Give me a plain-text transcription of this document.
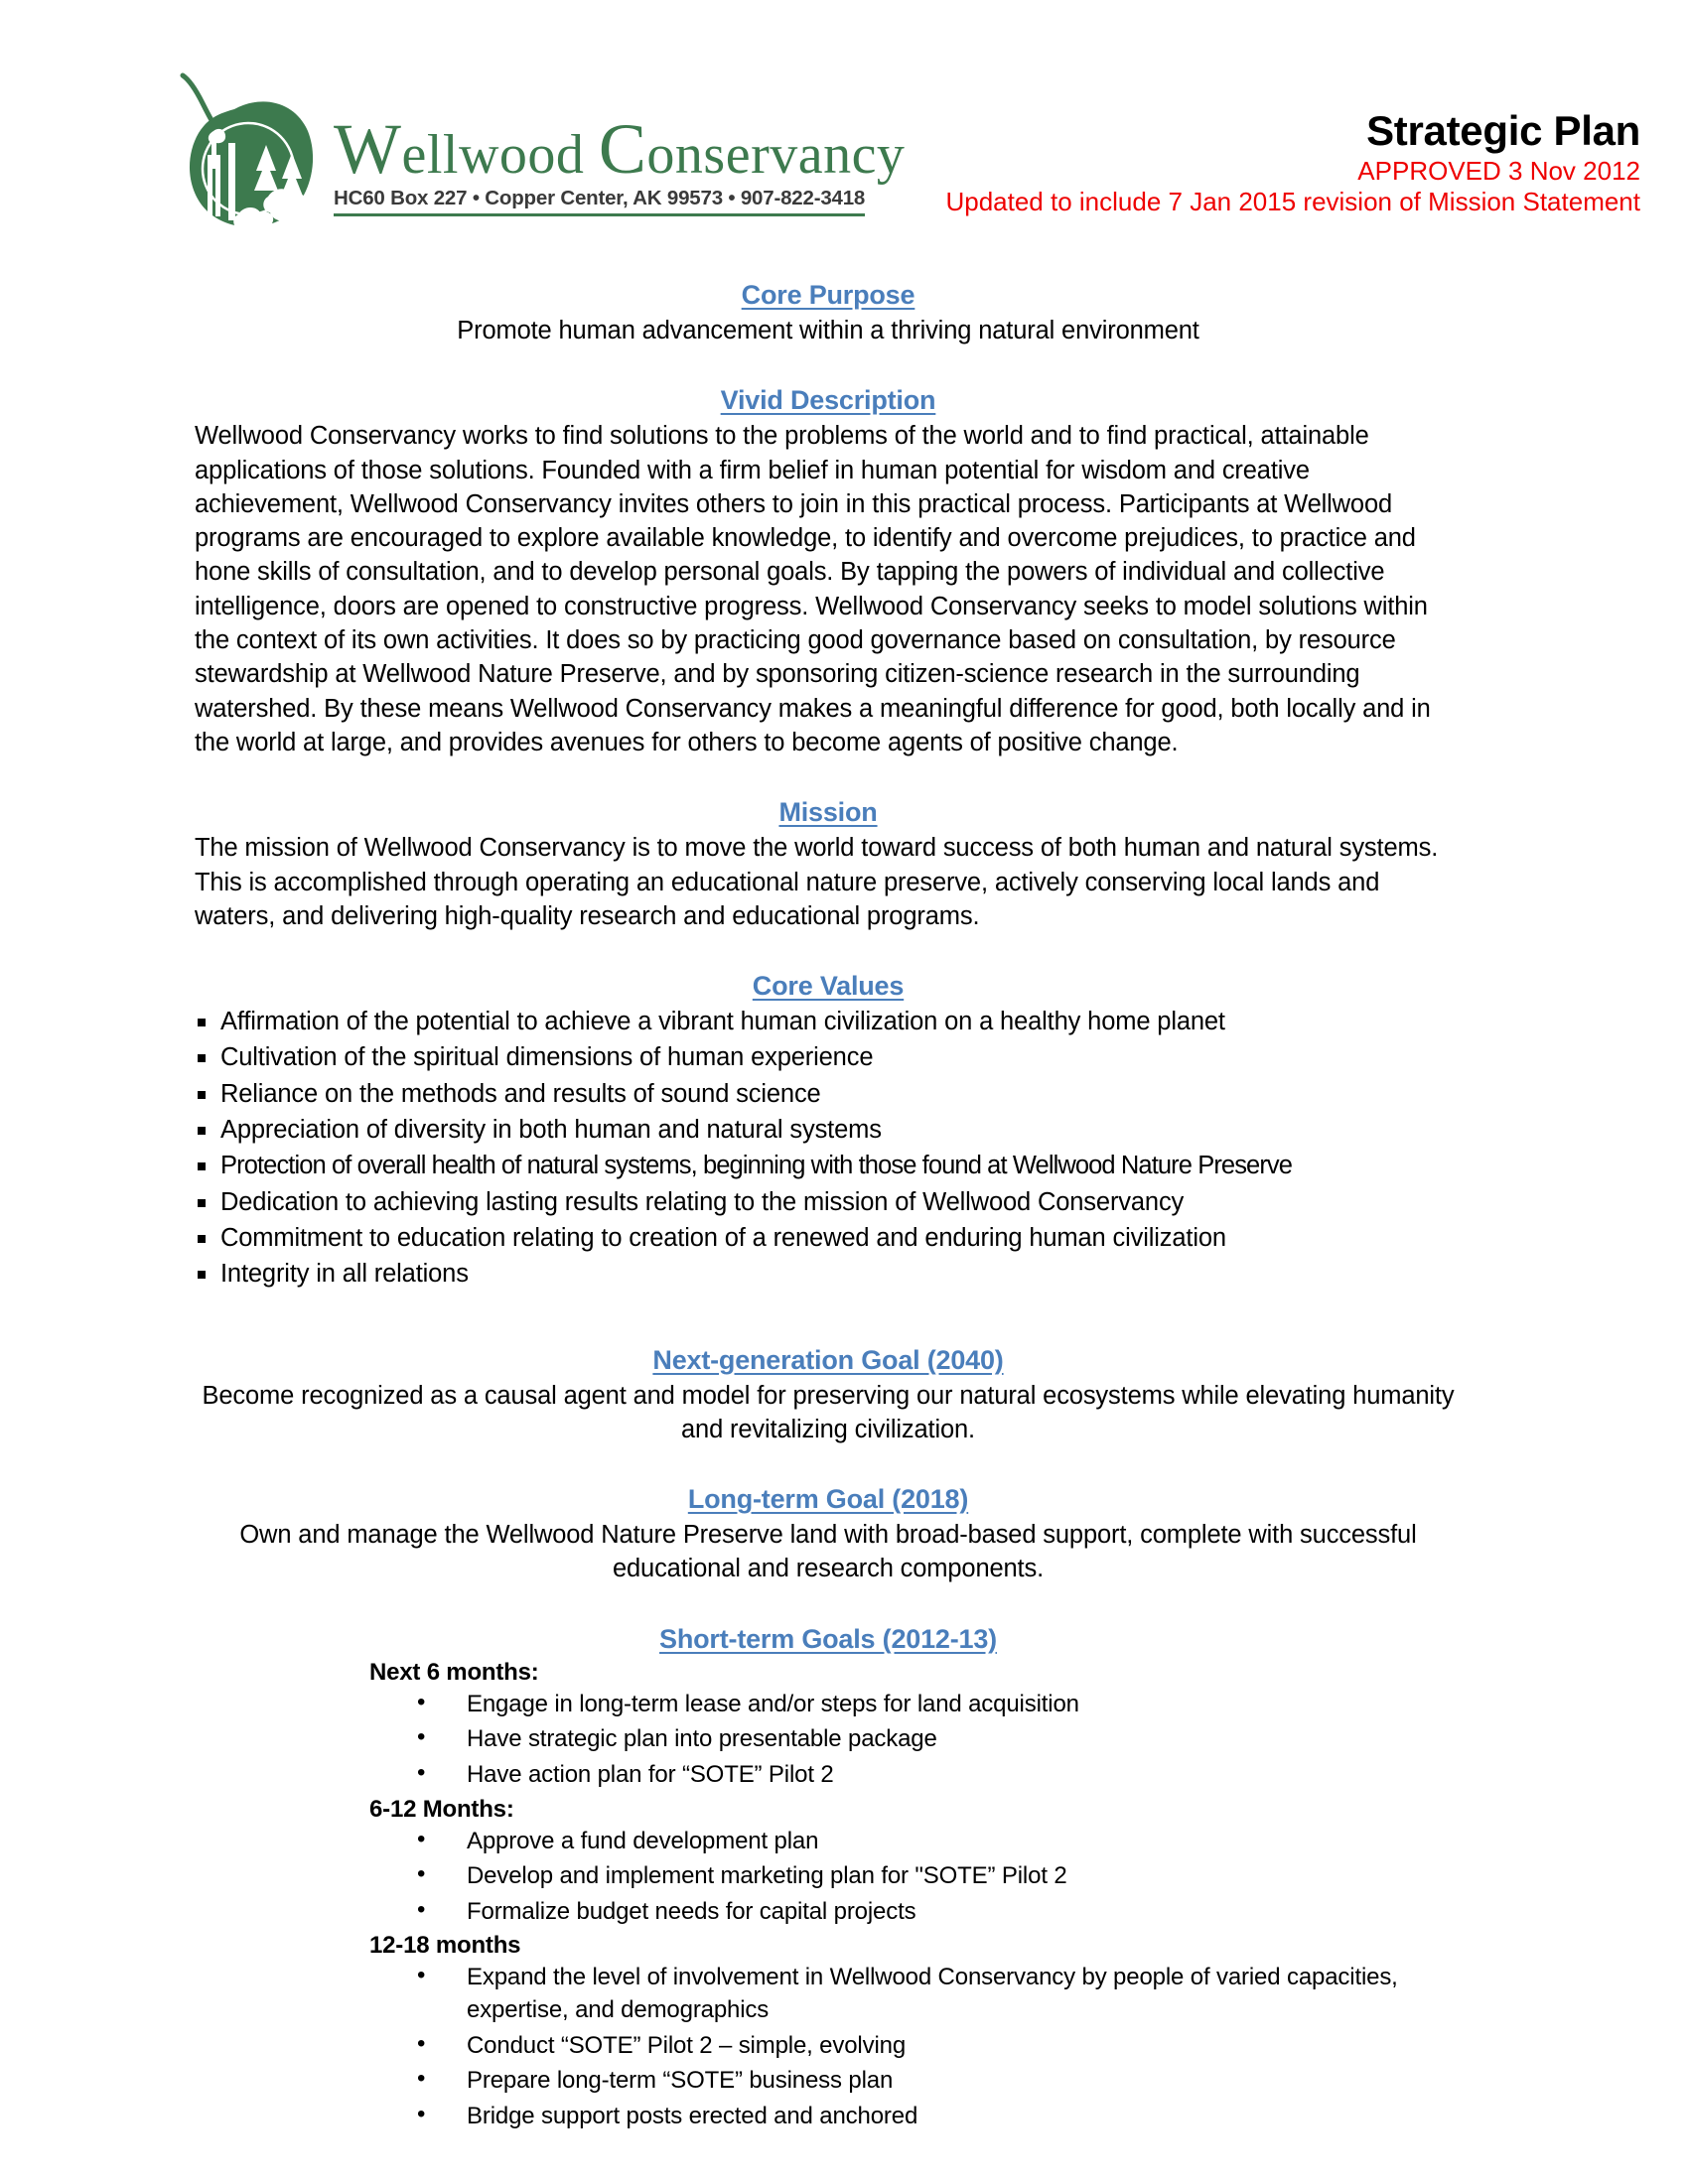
Wellwood Conservancy
HC60 Box 227 • Copper Center, AK 99573 • 907-822-3418
Strategic Plan
APPROVED 3 Nov 2012
Updated to include 7 Jan 2015 revision of Mission Statement
Core Purpose

Promote human advancement within a thriving natural environment

Vivid Description

Wellwood Conservancy works to find solutions to the problems of the world and to find practical, attainable applications of those solutions. Founded with a firm belief in human potential for wisdom and creative achievement, Wellwood Conservancy invites others to join in this practical process. Participants at Wellwood programs are encouraged to explore available knowledge, to identify and overcome prejudices, to practice and hone skills of consultation, and to develop personal goals. By tapping the powers of individual and collective intelligence, doors are opened to constructive progress. Wellwood Conservancy seeks to model solutions within the context of its own activities. It does so by practicing good governance based on consultation, by resource stewardship at Wellwood Nature Preserve, and by sponsoring citizen-science research in the surrounding watershed. By these means Wellwood Conservancy makes a meaningful difference for good, both locally and in the world at large, and provides avenues for others to become agents of positive change.

Mission

The mission of Wellwood Conservancy is to move the world toward success of both human and natural systems. This is accomplished through operating an educational nature preserve, actively conserving local lands and waters, and delivering high-quality research and educational programs.

Core Values
Affirmation of the potential to achieve a vibrant human civilization on a healthy home planet
Cultivation of the spiritual dimensions of human experience
Reliance on the methods and results of sound science
Appreciation of diversity in both human and natural systems
Protection of overall health of natural systems, beginning with those found at Wellwood Nature Preserve
Dedication to achieving lasting results relating to the mission of Wellwood Conservancy
Commitment to education relating to creation of a renewed and enduring human civilization
Integrity in all relations
Next-generation Goal (2040)

Become recognized as a causal agent and model for preserving our natural ecosystems while elevating humanity and revitalizing civilization.

Long-term Goal (2018)

Own and manage the Wellwood Nature Preserve land with broad-based support, complete with successful educational and research components.

Short-term Goals (2012-13)
Next 6 months:
• Engage in long-term lease and/or steps for land acquisition
• Have strategic plan into presentable package
• Have action plan for “SOTE” Pilot 2
6-12 Months:
• Approve a fund development plan
• Develop and implement marketing plan for "SOTE” Pilot 2
• Formalize budget needs for capital projects
12-18 months
• Expand the level of involvement in Wellwood Conservancy by people of varied capacities, expertise, and demographics
• Conduct “SOTE” Pilot 2 – simple, evolving
• Prepare long-term “SOTE” business plan
• Bridge support posts erected and anchored
